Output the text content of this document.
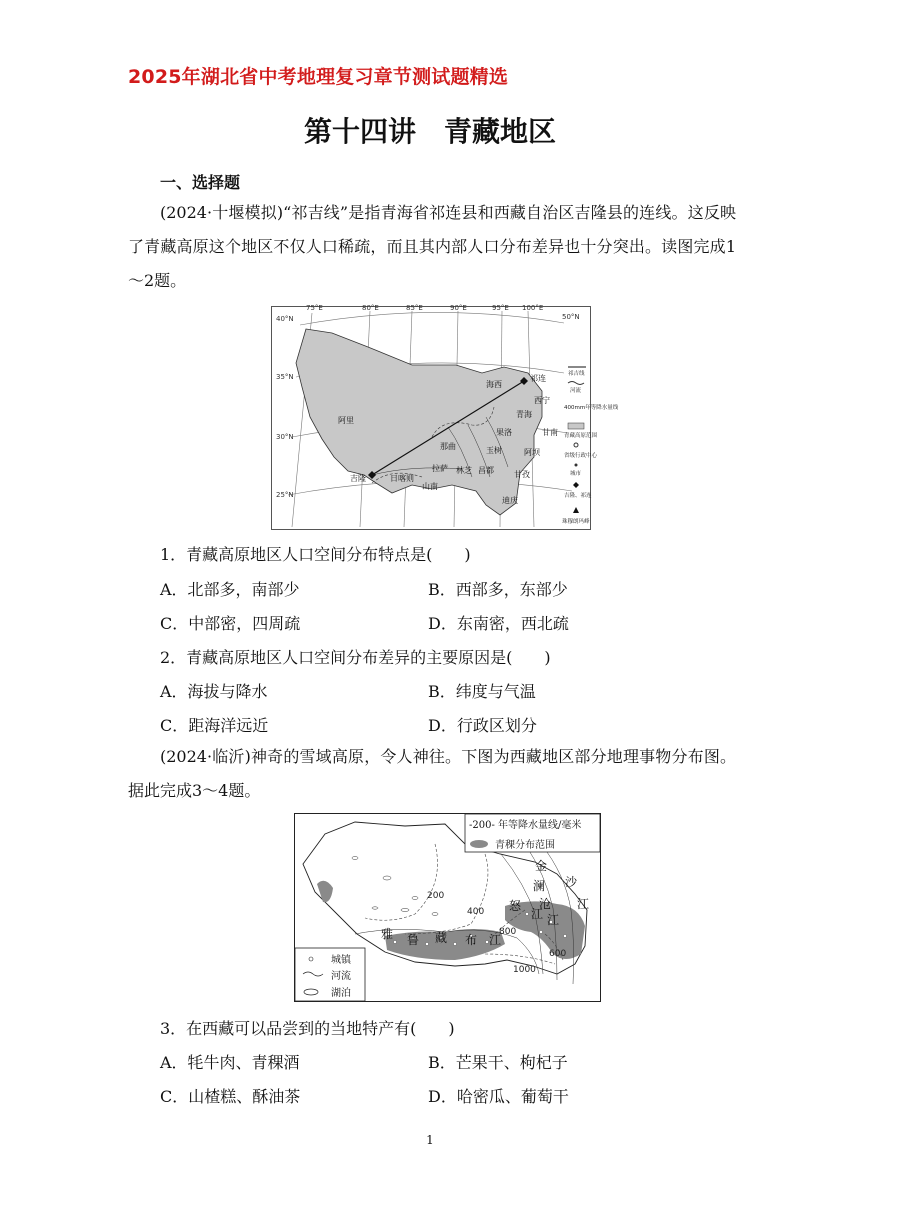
2025年湖北省中考地理复习章节测试题精选
第十四讲　青藏地区
一、选择题
(2024·十堰模拟)“祁吉线”是指青海省祁连县和西藏自治区吉隆县的连线。这反映了青藏高原这个地区不仅人口稀疏，而且其内部人口分布差异也十分突出。读图完成1～2题。
75°E	80°E	85°E	90°E	95°E 100°E
40°N
35°N
30°N
25°N
50°N
海西
祁连
西宁
青海
阿里
那曲	玉树
果洛	甘南
阿坝
甘孜
拉萨 林芝 昌都
山南
日喀则
吉隆
迪庆
祁吉线
河流
400mm年等降水量线
青藏高原范围
省级行政中心
城市
吉隆、祁连
珠穆朗玛峰
1．青藏高原地区人口空间分布特点是(　　)
A．北部多，南部少	B．西部多，东部少
C．中部密，四周疏	D．东南密，西北疏
2．青藏高原地区人口空间分布差异的主要原因是(　　)
A．海拔与降水	B．纬度与气温
C．距海洋远近	D．行政区划分
(2024·临沂)神奇的雪域高原，令人神往。下图为西藏地区部分地理事物分布图。据此完成3～4题。
200
400
800
1000
600
金
沙
江
澜
沧
江
怒
江
雅 鲁 藏 布 江
-200- 年等降水量线/毫米
青稞分布范围
城镇
河流
湖泊
3．在西藏可以品尝到的当地特产有(　　)
A．牦牛肉、青稞酒	B．芒果干、枸杞子
C．山楂糕、酥油茶	D．哈密瓜、葡萄干
1
